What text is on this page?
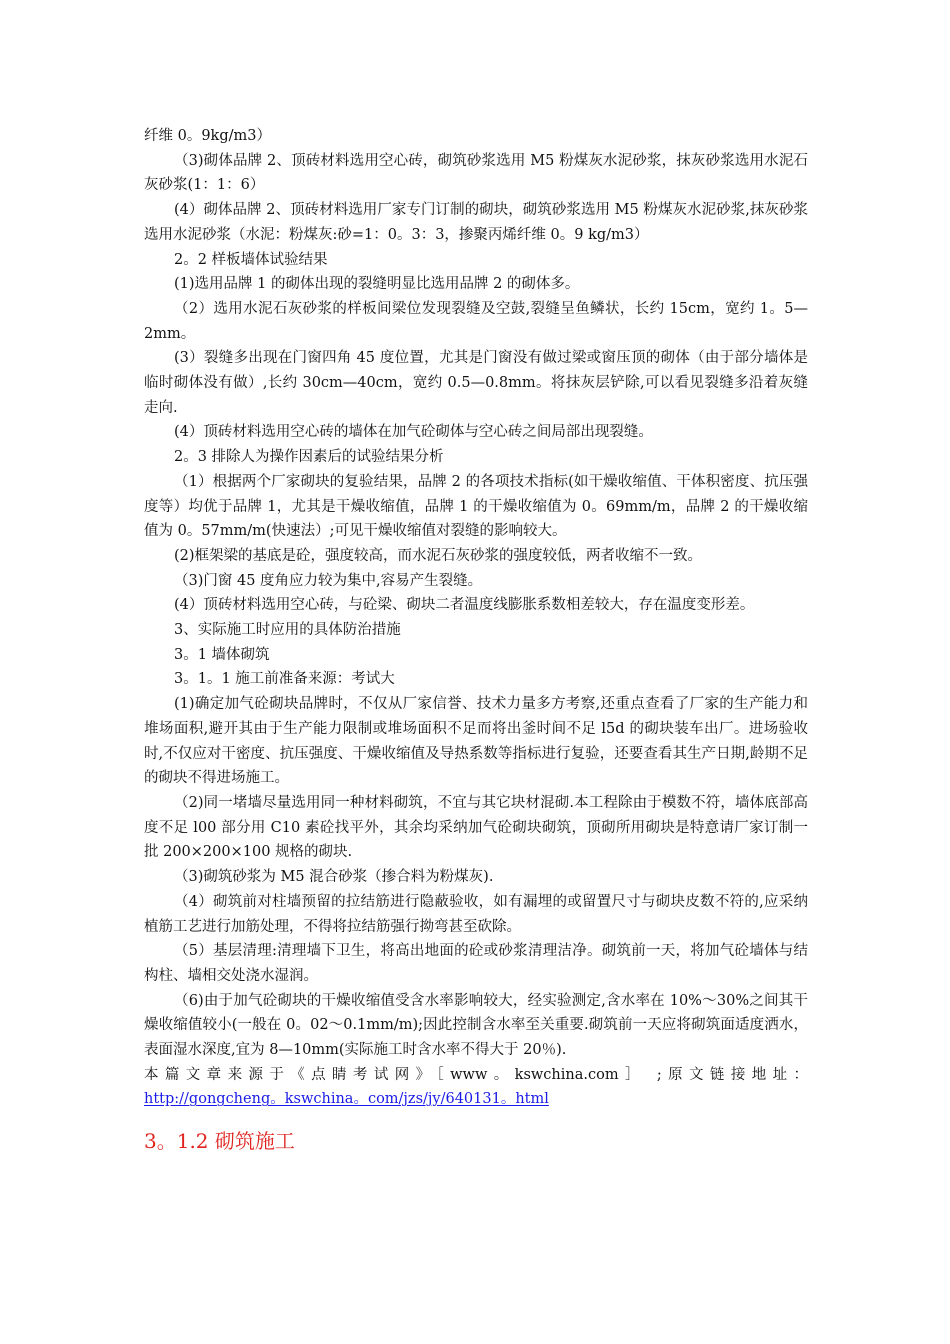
纤维 0。9kg/m3）

（3)砌体品牌 2、顶砖材料选用空心砖，砌筑砂浆选用 M5 粉煤灰水泥砂浆，抹灰砂浆选用水泥石灰砂浆(1：1：6）

(4）砌体品牌 2、顶砖材料选用厂家专门订制的砌块，砌筑砂浆选用 M5 粉煤灰水泥砂浆,抹灰砂浆选用水泥砂浆（水泥：粉煤灰:砂=1：0。3：3，掺聚丙烯纤维 0。9 kg/m3）

2。2 样板墙体试验结果

(1)选用品牌 1 的砌体出现的裂缝明显比选用品牌 2 的砌体多。

（2）选用水泥石灰砂浆的样板间梁位发现裂缝及空鼓,裂缝呈鱼鳞状，长约 15cm，宽约 1。5—2mm。

(3）裂缝多出现在门窗四角 45 度位置，尤其是门窗没有做过梁或窗压顶的砌体（由于部分墙体是临时砌体没有做）,长约 30cm—40cm，宽约 0.5—0.8mm。将抹灰层铲除,可以看见裂缝多沿着灰缝走向.

(4）顶砖材料选用空心砖的墙体在加气砼砌体与空心砖之间局部出现裂缝。

2。3 排除人为操作因素后的试验结果分析

（1）根据两个厂家砌块的复验结果，品牌 2 的各项技术指标(如干燥收缩值、干体积密度、抗压强度等）均优于品牌 1，尤其是干燥收缩值，品牌 1 的干燥收缩值为 0。69mm/m，品牌 2 的干燥收缩值为 0。57mm/m(快速法）;可见干燥收缩值对裂缝的影响较大。

(2)框架梁的基底是砼，强度较高，而水泥石灰砂浆的强度较低，两者收缩不一致。

（3)门窗 45 度角应力较为集中,容易产生裂缝。

(4）顶砖材料选用空心砖，与砼梁、砌块二者温度线膨胀系数相差较大，存在温度变形差。

3、实际施工时应用的具体防治措施

3。1 墙体砌筑

3。1。1 施工前准备来源：考试大

(1)确定加气砼砌块品牌时，不仅从厂家信誉、技术力量多方考察,还重点查看了厂家的生产能力和堆场面积,避开其由于生产能力限制或堆场面积不足而将出釜时间不足 l5d 的砌块装车出厂。进场验收时,不仅应对干密度、抗压强度、干燥收缩值及导热系数等指标进行复验，还要查看其生产日期,龄期不足的砌块不得进场施工。

（2)同一堵墙尽量选用同一种材料砌筑，不宜与其它块材混砌.本工程除由于模数不符，墙体底部高度不足 l00 部分用 C10 素砼找平外，其余均采纳加气砼砌块砌筑，顶砌所用砌块是特意请厂家订制一批 200×200×100 规格的砌块.

（3)砌筑砂浆为 M5 混合砂浆（掺合料为粉煤灰).

（4）砌筑前对柱墙预留的拉结筋进行隐蔽验收，如有漏埋的或留置尺寸与砌块皮数不符的,应采纳植筋工艺进行加筋处理，不得将拉结筋强行拗弯甚至砍除。

（5）基层清理:清理墙下卫生，将高出地面的砼或砂浆清理洁净。砌筑前一天，将加气砼墙体与结构柱、墙相交处浇水湿润。

（6)由于加气砼砌块的干燥收缩值受含水率影响较大，经实验测定,含水率在 10%～30%之间其干燥收缩值较小(一般在 0。02～0.1mm/m);因此控制含水率至关重要.砌筑前一天应将砌筑面适度洒水，表面湿水深度,宜为 8—10mm(实际施工时含水率不得大于 20％).

本篇文章来源于《点睛考试网》［www。kswchina.com］ ;原文链接地址：

http://gongcheng。kswchina。com/jzs/jy/640131。html
3。1.2 砌筑施工
